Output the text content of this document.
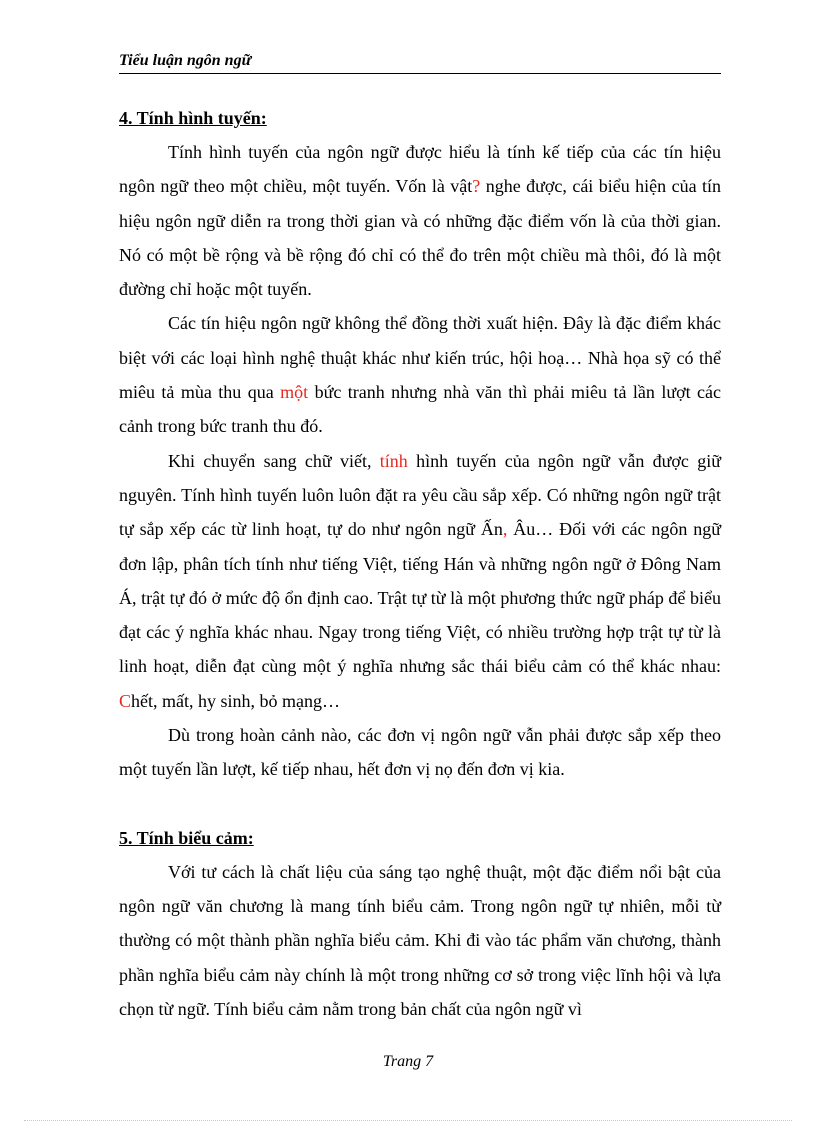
Tiểu luận ngôn ngữ

4. Tính hình tuyến:

Tính hình tuyến của ngôn ngữ được hiểu là tính kế tiếp của các tín hiệu ngôn ngữ theo một chiều, một tuyến. Vốn là vật? nghe được, cái biểu hiện của tín hiệu ngôn ngữ diễn ra trong thời gian và có những đặc điểm vốn là của thời gian. Nó có một bề rộng và bề rộng đó chỉ có thể đo trên một chiều mà thôi, đó là một đường chỉ hoặc một tuyến.

Các tín hiệu ngôn ngữ không thể đồng thời xuất hiện. Đây là đặc điểm khác biệt với các loại hình nghệ thuật khác như kiến trúc, hội hoạ… Nhà họa sỹ có thể miêu tả mùa thu qua một bức tranh nhưng nhà văn thì phải miêu tả lần lượt các cảnh trong bức tranh thu đó.

Khi chuyển sang chữ viết, tính hình tuyến của ngôn ngữ vẫn được giữ nguyên. Tính hình tuyến luôn luôn đặt ra yêu cầu sắp xếp. Có những ngôn ngữ trật tự sắp xếp các từ linh hoạt, tự do như ngôn ngữ Ấn, Âu… Đối với các ngôn ngữ đơn lập, phân tích tính như tiếng Việt, tiếng Hán và những ngôn ngữ ở Đông Nam Á, trật tự đó ở mức độ ổn định cao. Trật tự từ là một phương thức ngữ pháp để biểu đạt các ý nghĩa khác nhau. Ngay trong tiếng Việt, có nhiều trường hợp trật tự từ là linh hoạt, diễn đạt cùng một ý nghĩa nhưng sắc thái biểu cảm có thể khác nhau: Chết, mất, hy sinh, bỏ mạng…

Dù trong hoàn cảnh nào, các đơn vị ngôn ngữ vẫn phải được sắp xếp theo một tuyến lần lượt, kế tiếp nhau, hết đơn vị nọ đến đơn vị kia.

5. Tính biểu cảm:

Với tư cách là chất liệu của sáng tạo nghệ thuật, một đặc điểm nổi bật của ngôn ngữ văn chương là mang tính biểu cảm. Trong ngôn ngữ tự nhiên, mỗi từ thường có một thành phần nghĩa biểu cảm. Khi đi vào tác phẩm văn chương, thành phần nghĩa biểu cảm này chính là một trong những cơ sở trong việc lĩnh hội và lựa chọn từ ngữ. Tính biểu cảm nằm trong bản chất của ngôn ngữ vì

Trang 7
